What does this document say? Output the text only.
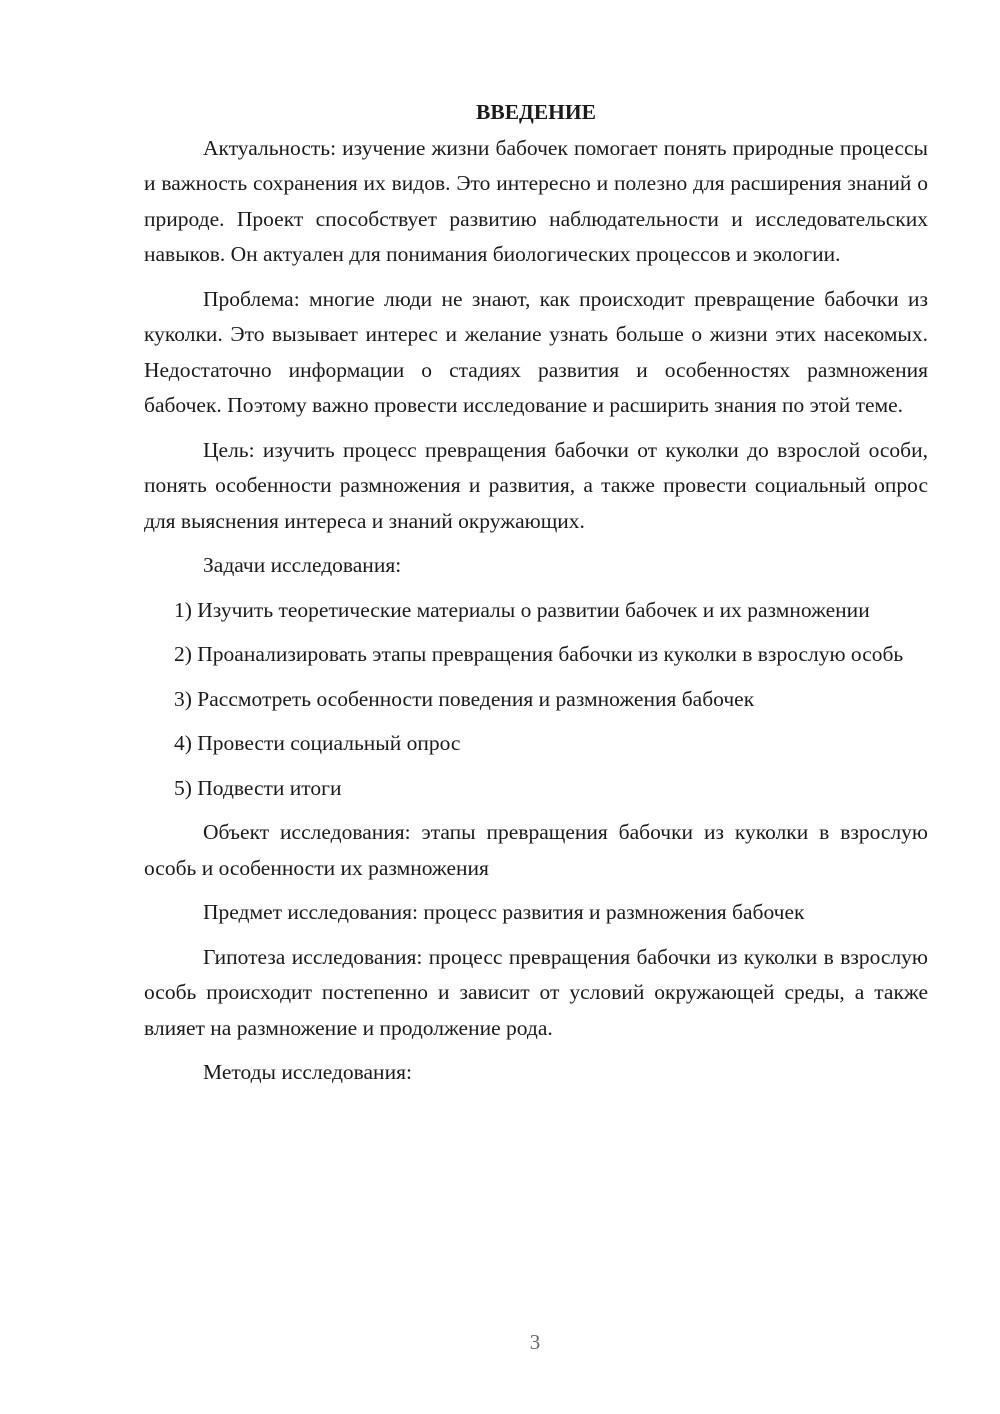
ВВЕДЕНИЕ

Актуальность: изучение жизни бабочек помогает понять природные процессы и важность сохранения их видов. Это интересно и полезно для расширения знаний о природе. Проект способствует развитию наблюдательности и исследовательских навыков. Он актуален для понимания биологических процессов и экологии.

Проблема: многие люди не знают, как происходит превращение бабочки из куколки. Это вызывает интерес и желание узнать больше о жизни этих насекомых. Недостаточно информации о стадиях развития и особенностях размножения бабочек. Поэтому важно провести исследование и расширить знания по этой теме.

Цель: изучить процесс превращения бабочки от куколки до взрослой особи, понять особенности размножения и развития, а также провести социальный опрос для выяснения интереса и знаний окружающих.

Задачи исследования:

1) Изучить теоретические материалы о развитии бабочек и их размножении

2) Проанализировать этапы превращения бабочки из куколки в взрослую особь

3) Рассмотреть особенности поведения и размножения бабочек

4) Провести социальный опрос

5) Подвести итоги

Объект исследования: этапы превращения бабочки из куколки в взрослую особь и особенности их размножения

Предмет исследования: процесс развития и размножения бабочек

Гипотеза исследования: процесс превращения бабочки из куколки в взрослую особь происходит постепенно и зависит от условий окружающей среды, а также влияет на размножение и продолжение рода.

Методы исследования:

3
